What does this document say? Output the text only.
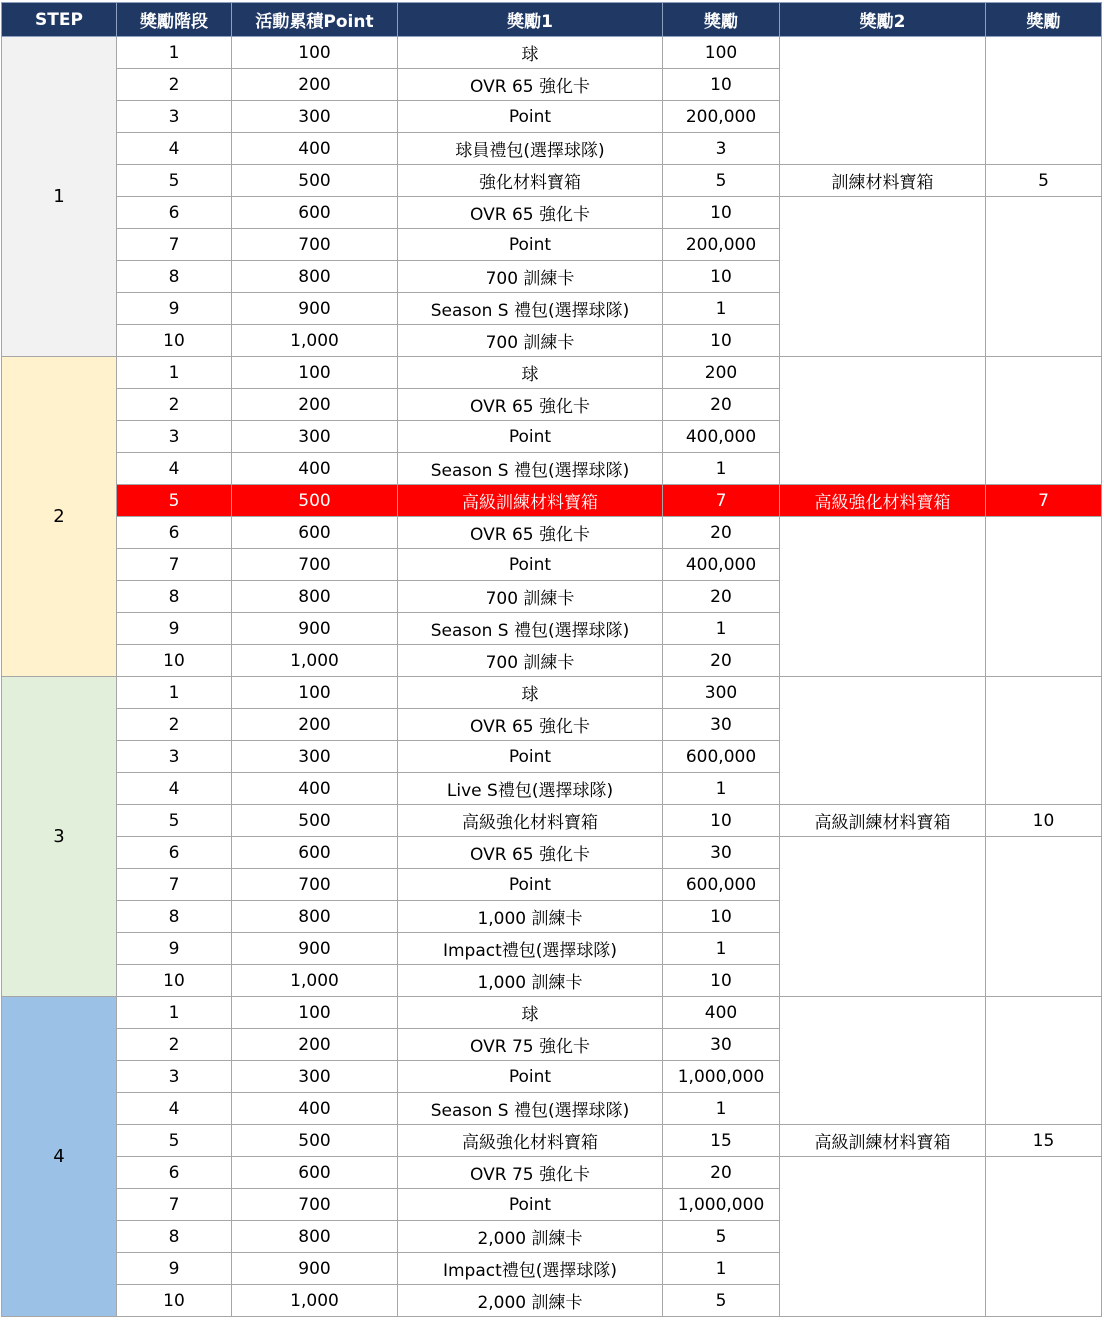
STEP	獎勵階段	活動累積Point	獎勵1	獎勵	獎勵2	獎勵
1	1	100	球	100		
	2	200	OVR 65 強化卡	10		
	3	300	Point	200,000		
	4	400	球員禮包(選擇球隊)	3		
	5	500	強化材料寶箱	5	訓練材料寶箱	5
	6	600	OVR 65 強化卡	10		
	7	700	Point	200,000		
	8	800	700 訓練卡	10		
	9	900	Season S 禮包(選擇球隊)	1		
	10	1,000	700 訓練卡	10		
2	1	100	球	200		
	2	200	OVR 65 強化卡	20		
	3	300	Point	400,000		
	4	400	Season S 禮包(選擇球隊)	1		
	5	500	高級訓練材料寶箱	7	高級強化材料寶箱	7
	6	600	OVR 65 強化卡	20		
	7	700	Point	400,000		
	8	800	700 訓練卡	20		
	9	900	Season S 禮包(選擇球隊)	1		
	10	1,000	700 訓練卡	20		
3	1	100	球	300		
	2	200	OVR 65 強化卡	30		
	3	300	Point	600,000		
	4	400	Live S禮包(選擇球隊)	1		
	5	500	高級強化材料寶箱	10	高級訓練材料寶箱	10
	6	600	OVR 65 強化卡	30		
	7	700	Point	600,000		
	8	800	1,000 訓練卡	10		
	9	900	Impact禮包(選擇球隊)	1		
	10	1,000	1,000 訓練卡	10		
4	1	100	球	400		
	2	200	OVR 75 強化卡	30		
	3	300	Point	1,000,000		
	4	400	Season S 禮包(選擇球隊)	1		
	5	500	高級強化材料寶箱	15	高級訓練材料寶箱	15
	6	600	OVR 75 強化卡	20		
	7	700	Point	1,000,000		
	8	800	2,000 訓練卡	5		
	9	900	Impact禮包(選擇球隊)	1		
	10	1,000	2,000 訓練卡	5		
